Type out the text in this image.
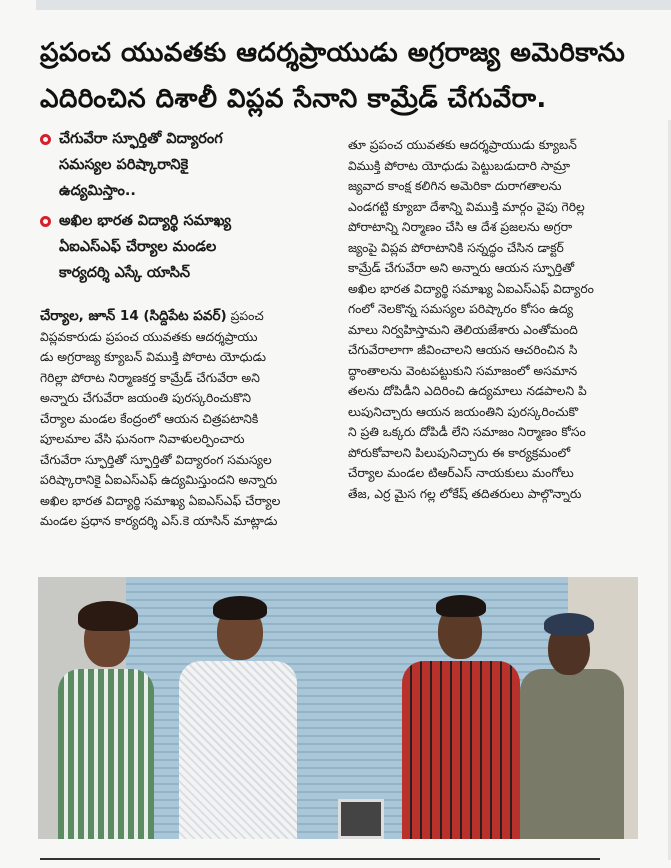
ప్రపంచ యువతకు ఆదర్శప్రాయుడు అగ్రరాజ్య అమెరికాను
ఎదిరించిన దిశాలీ విప్లవ సేనాని కామ్రేడ్ చేగువేరా.
చేగువేరా స్ఫూర్తితో విద్యారంగ
సమస్యల పరిష్కారానికై
ఉద్యమిస్తాం..
అఖిల భారత విద్యార్థి సమాఖ్య
ఏఐఎస్ఎఫ్ చేర్యాల మండల
కార్యదర్శి ఎస్కే యాసిన్
చేర్యాల, జూన్ 14 (సిద్దిపేట పవర్) ప్రపంచ
విప్లవకారుడు ప్రపంచ యువతకు ఆదర్శప్రాయు
డు అగ్రరాజ్య క్యూబన్ విముక్తి పోరాట యోధుడు
గెరిల్లా పోరాట నిర్మాణకర్త కామ్రేడ్ చేగువేరా అని
అన్నారు చేగువేరా జయంతి పురస్కరించుకొని
చేర్యాల మండల కేంద్రంలో ఆయన చిత్రపటానికి
పూలమాల వేసి ఘనంగా నివాళులర్పించారు
చేగువేరా స్ఫూర్తితో స్ఫూర్తితో విద్యారంగ సమస్యల
పరిష్కారానికై ఏఐఎస్ఎఫ్ ఉద్యమిస్తుందని అన్నారు
అఖిల భారత విద్యార్థి సమాఖ్య ఏఐఎస్ఎఫ్ చేర్యాల
మండల ప్రధాన కార్యదర్శి ఎస్.కె యాసిన్ మాట్లాడు
తూ ప్రపంచ యువతకు ఆదర్శప్రాయుడు క్యూబన్
విముక్తి పోరాట యోధుడు పెట్టుబడుదారి సామ్రా
జ్యవాద కాంక్ష కలిగిన అమెరికా దురాగతాలను
ఎండగట్టి క్యూబా దేశాన్ని విముక్తి మార్గం వైపు గెరిల్ల
పోరాటాన్ని నిర్మాణం చేసి ఆ దేశ ప్రజలను అగ్రరా
జ్యంపై విప్లవ పోరాటానికి సన్నద్ధం చేసిన డాక్టర్
కామ్రేడ్ చేగువేరా అని అన్నారు ఆయన స్ఫూర్తితో
అఖిల భారత విద్యార్థి సమాఖ్య ఏఐఎస్ఎఫ్ విద్యారం
గంలో నెలకొన్న సమస్యల పరిష్కారం కోసం ఉద్య
మాలు నిర్వహిస్తామని తెలియజేశారు ఎంతోమంది
చేగువేరాలాగా జీవించాలని ఆయన ఆచరించిన సి
ద్ధాంతాలను వెంటపట్టుకుని సమాజంలో అసమాన
తలను దోపిడీని ఎదిరించి ఉద్యమాలు నడపాలని పి
లుపునిచ్చారు ఆయన జయంతిని పురస్కరించుకొ
ని ప్రతి ఒక్కరు దోపిడీ లేని సమాజం నిర్మాణం కోసం
పోరుకోవాలని పిలుపునిచ్చారు ఈ కార్యక్రమంలో
చేర్యాల మండల టిఆర్ఎస్ నాయకులు మంగోలు
తేజ, ఎర్ర మైస గల్ల లోకేష్ తదితరులు పాల్గొన్నారు
